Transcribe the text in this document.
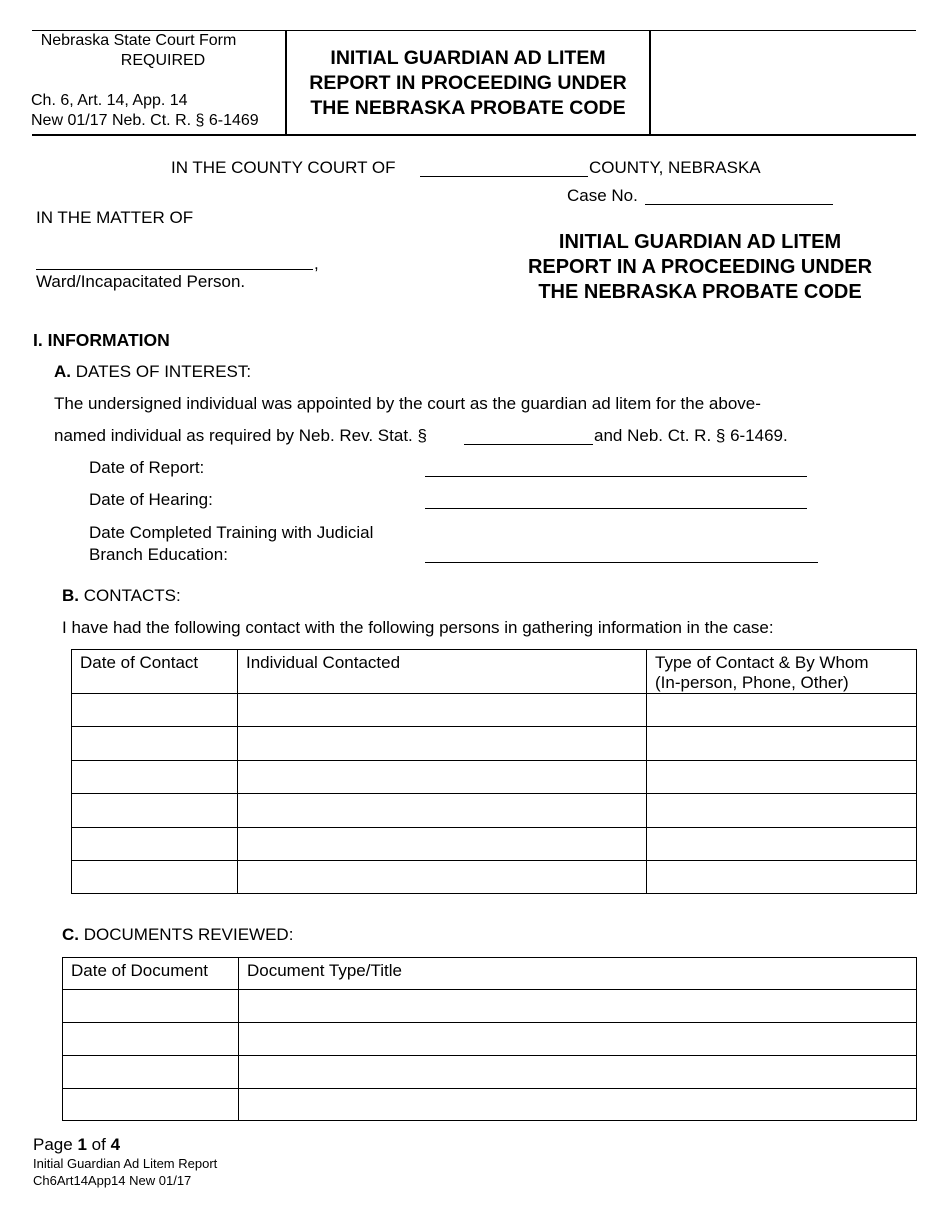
Nebraska State Court Form
REQUIRED
Ch. 6, Art. 14, App. 14
New 01/17 Neb. Ct. R. § 6-1469
INITIAL GUARDIAN AD LITEM
REPORT IN PROCEEDING UNDER
THE NEBRASKA PROBATE CODE
IN THE COUNTY COURT OF	COUNTY, NEBRASKA
Case No.
IN THE MATTER OF
,
Ward/Incapacitated Person.
INITIAL GUARDIAN AD LITEM
REPORT IN A PROCEEDING UNDER
THE NEBRASKA PROBATE CODE
I. INFORMATION
A. DATES OF INTEREST:
The undersigned individual was appointed by the court as the guardian ad litem for the above-
named individual as required by Neb. Rev. Stat. §	and Neb. Ct. R. § 6-1469.
Date of Report:
Date of Hearing:
Date Completed Training with Judicial
Branch Education:
B. CONTACTS:
I have had the following contact with the following persons in gathering information in the case:
Date of Contact	Individual Contacted	Type of Contact & By Whom
(In-person, Phone, Other)

C. DOCUMENTS REVIEWED:
Date of Document	Document Type/Title

Page 1 of 4
Initial Guardian Ad Litem Report
Ch6Art14App14 New 01/17
